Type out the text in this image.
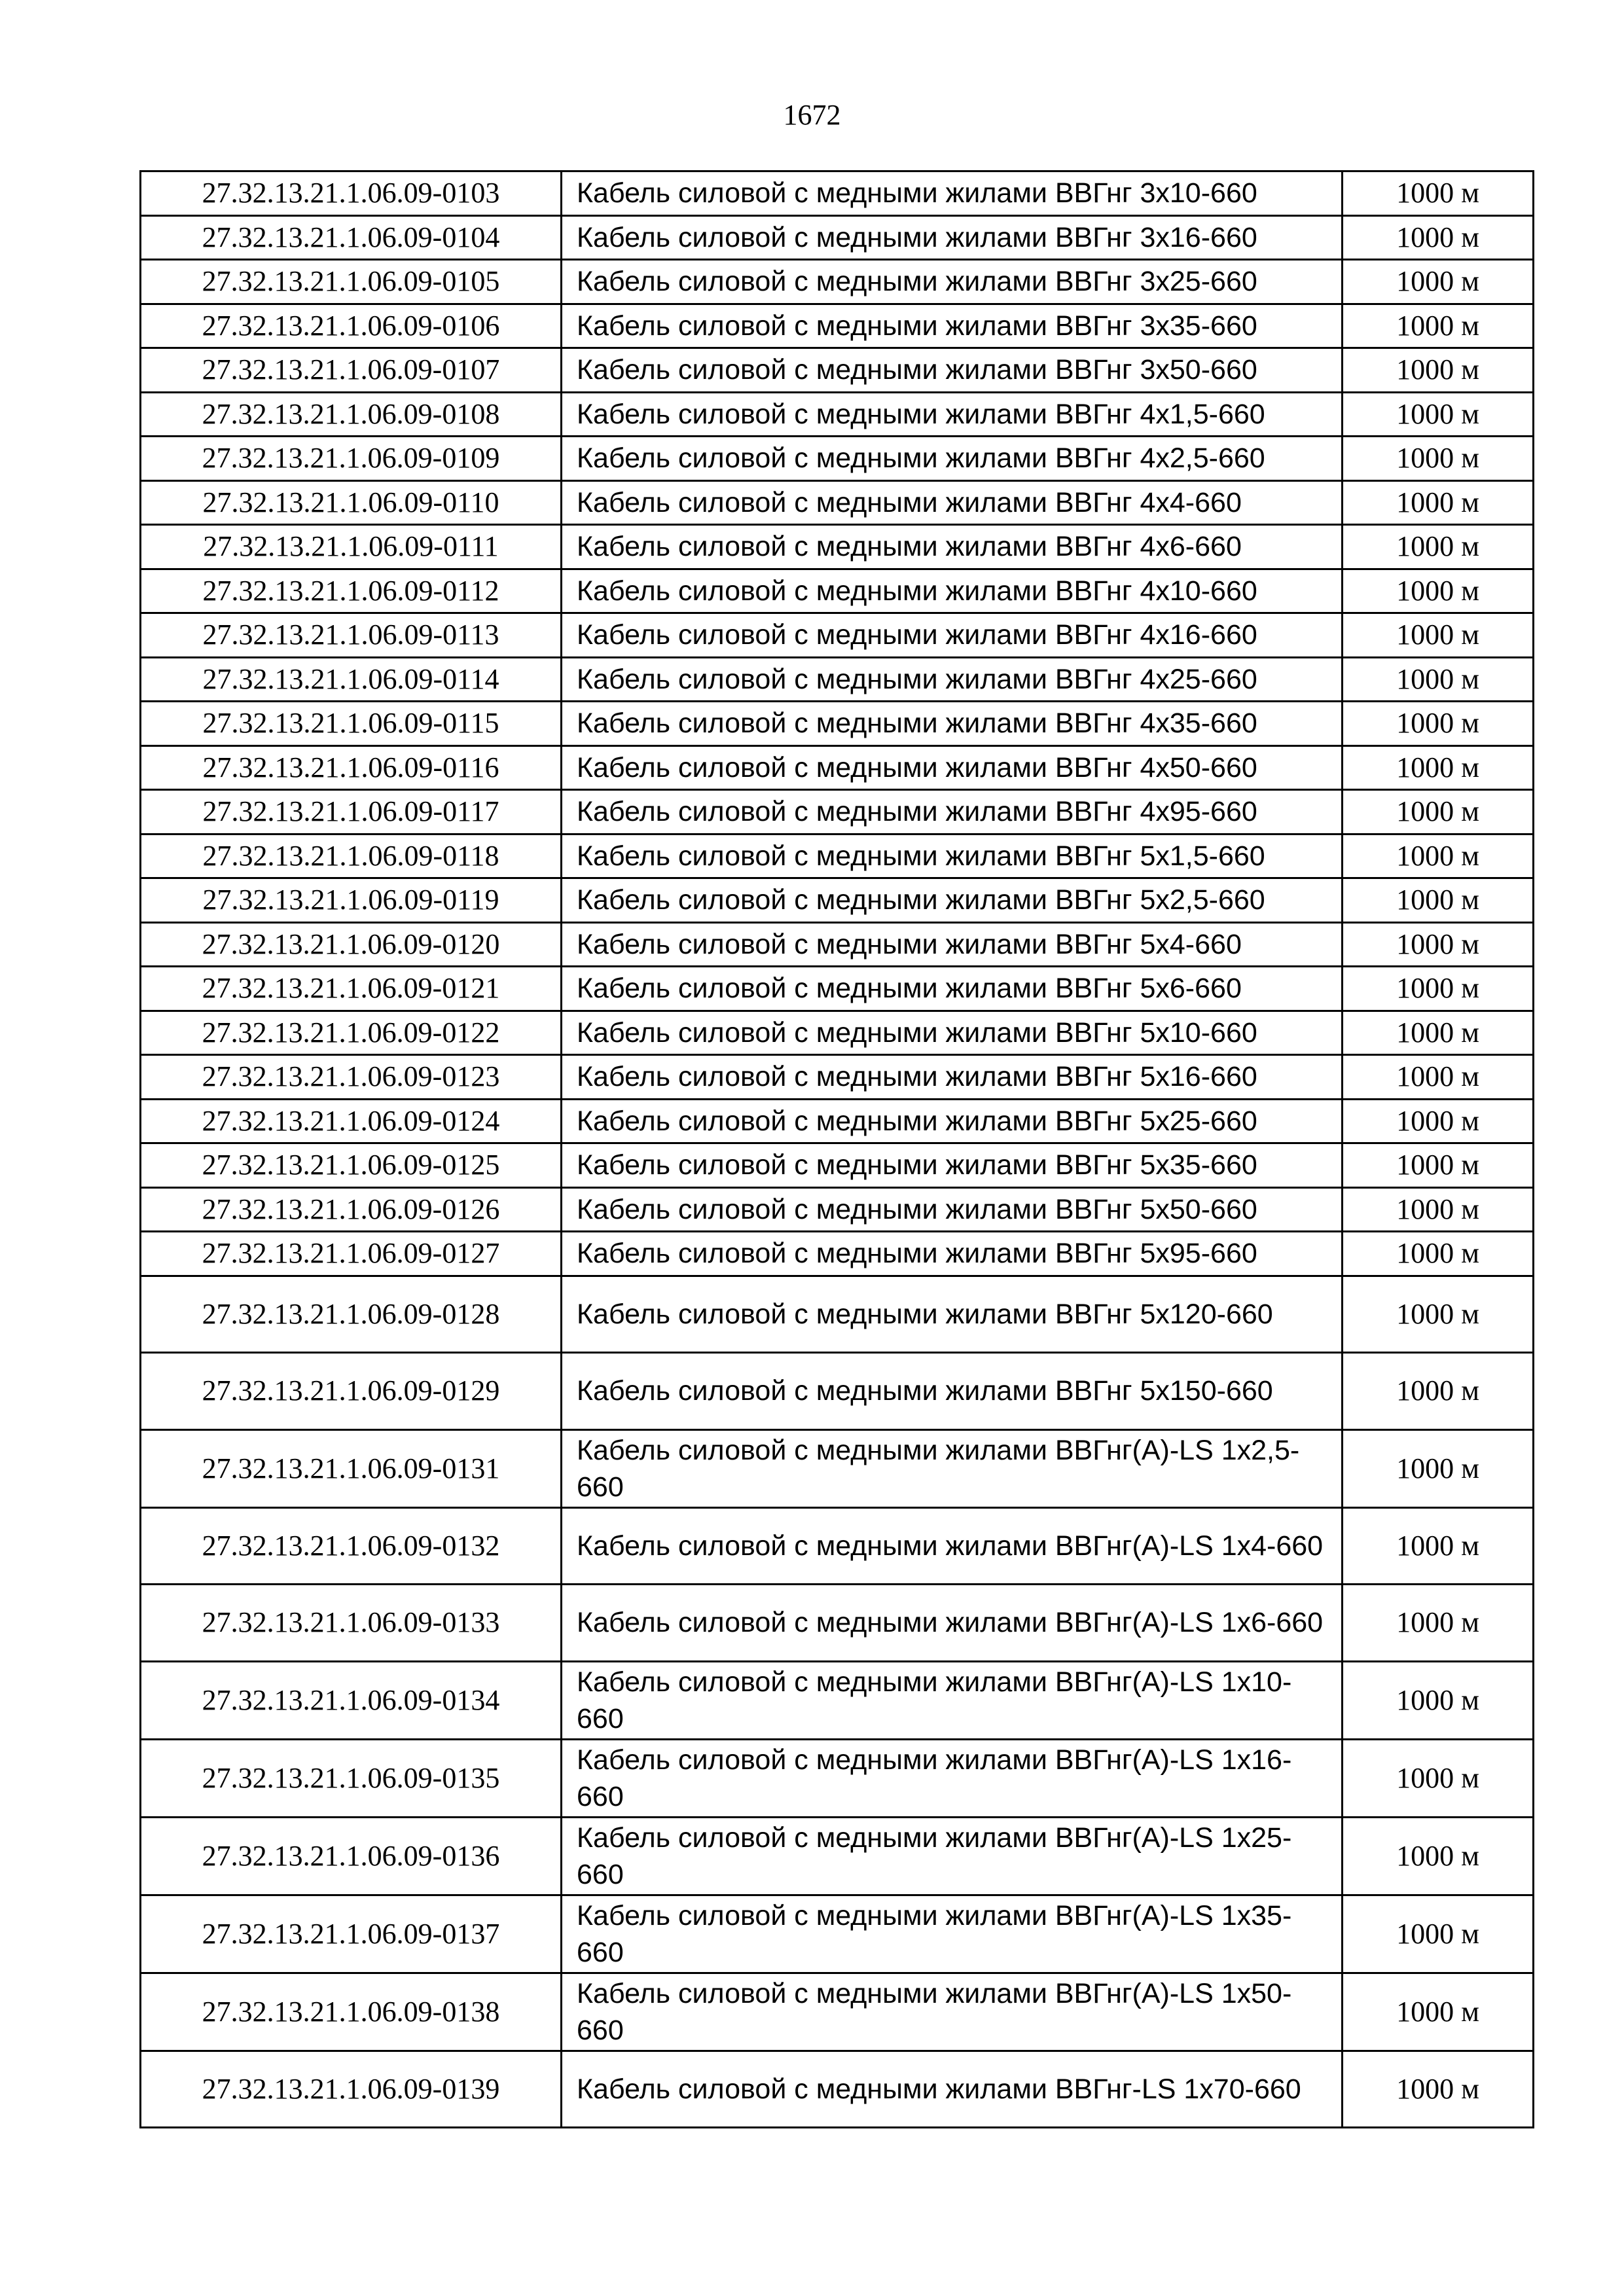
1672
27.32.13.21.1.06.09-0103	Кабель силовой с медными жилами ВВГнг 3х10-660	1000 м
27.32.13.21.1.06.09-0104	Кабель силовой с медными жилами ВВГнг 3х16-660	1000 м
27.32.13.21.1.06.09-0105	Кабель силовой с медными жилами ВВГнг 3х25-660	1000 м
27.32.13.21.1.06.09-0106	Кабель силовой с медными жилами ВВГнг 3х35-660	1000 м
27.32.13.21.1.06.09-0107	Кабель силовой с медными жилами ВВГнг 3х50-660	1000 м
27.32.13.21.1.06.09-0108	Кабель силовой с медными жилами ВВГнг 4х1,5-660	1000 м
27.32.13.21.1.06.09-0109	Кабель силовой с медными жилами ВВГнг 4х2,5-660	1000 м
27.32.13.21.1.06.09-0110	Кабель силовой с медными жилами ВВГнг 4х4-660	1000 м
27.32.13.21.1.06.09-0111	Кабель силовой с медными жилами ВВГнг 4х6-660	1000 м
27.32.13.21.1.06.09-0112	Кабель силовой с медными жилами ВВГнг 4х10-660	1000 м
27.32.13.21.1.06.09-0113	Кабель силовой с медными жилами ВВГнг 4х16-660	1000 м
27.32.13.21.1.06.09-0114	Кабель силовой с медными жилами ВВГнг 4х25-660	1000 м
27.32.13.21.1.06.09-0115	Кабель силовой с медными жилами ВВГнг 4х35-660	1000 м
27.32.13.21.1.06.09-0116	Кабель силовой с медными жилами ВВГнг 4х50-660	1000 м
27.32.13.21.1.06.09-0117	Кабель силовой с медными жилами ВВГнг 4х95-660	1000 м
27.32.13.21.1.06.09-0118	Кабель силовой с медными жилами ВВГнг 5х1,5-660	1000 м
27.32.13.21.1.06.09-0119	Кабель силовой с медными жилами ВВГнг 5х2,5-660	1000 м
27.32.13.21.1.06.09-0120	Кабель силовой с медными жилами ВВГнг 5х4-660	1000 м
27.32.13.21.1.06.09-0121	Кабель силовой с медными жилами ВВГнг 5х6-660	1000 м
27.32.13.21.1.06.09-0122	Кабель силовой с медными жилами ВВГнг 5х10-660	1000 м
27.32.13.21.1.06.09-0123	Кабель силовой с медными жилами ВВГнг 5х16-660	1000 м
27.32.13.21.1.06.09-0124	Кабель силовой с медными жилами ВВГнг 5х25-660	1000 м
27.32.13.21.1.06.09-0125	Кабель силовой с медными жилами ВВГнг 5х35-660	1000 м
27.32.13.21.1.06.09-0126	Кабель силовой с медными жилами ВВГнг 5х50-660	1000 м
27.32.13.21.1.06.09-0127	Кабель силовой с медными жилами ВВГнг 5х95-660	1000 м
27.32.13.21.1.06.09-0128	Кабель силовой с медными жилами ВВГнг 5х120-660	1000 м
27.32.13.21.1.06.09-0129	Кабель силовой с медными жилами ВВГнг 5х150-660	1000 м
27.32.13.21.1.06.09-0131	Кабель силовой с медными жилами ВВГнг(А)-LS 1х2,5-660	1000 м
27.32.13.21.1.06.09-0132	Кабель силовой с медными жилами ВВГнг(А)-LS 1х4-660	1000 м
27.32.13.21.1.06.09-0133	Кабель силовой с медными жилами ВВГнг(А)-LS 1х6-660	1000 м
27.32.13.21.1.06.09-0134	Кабель силовой с медными жилами ВВГнг(А)-LS 1х10-660	1000 м
27.32.13.21.1.06.09-0135	Кабель силовой с медными жилами ВВГнг(А)-LS 1х16-660	1000 м
27.32.13.21.1.06.09-0136	Кабель силовой с медными жилами ВВГнг(А)-LS 1х25-660	1000 м
27.32.13.21.1.06.09-0137	Кабель силовой с медными жилами ВВГнг(А)-LS 1х35-660	1000 м
27.32.13.21.1.06.09-0138	Кабель силовой с медными жилами ВВГнг(А)-LS 1х50-660	1000 м
27.32.13.21.1.06.09-0139	Кабель силовой с медными жилами ВВГнг-LS 1х70-660	1000 м
